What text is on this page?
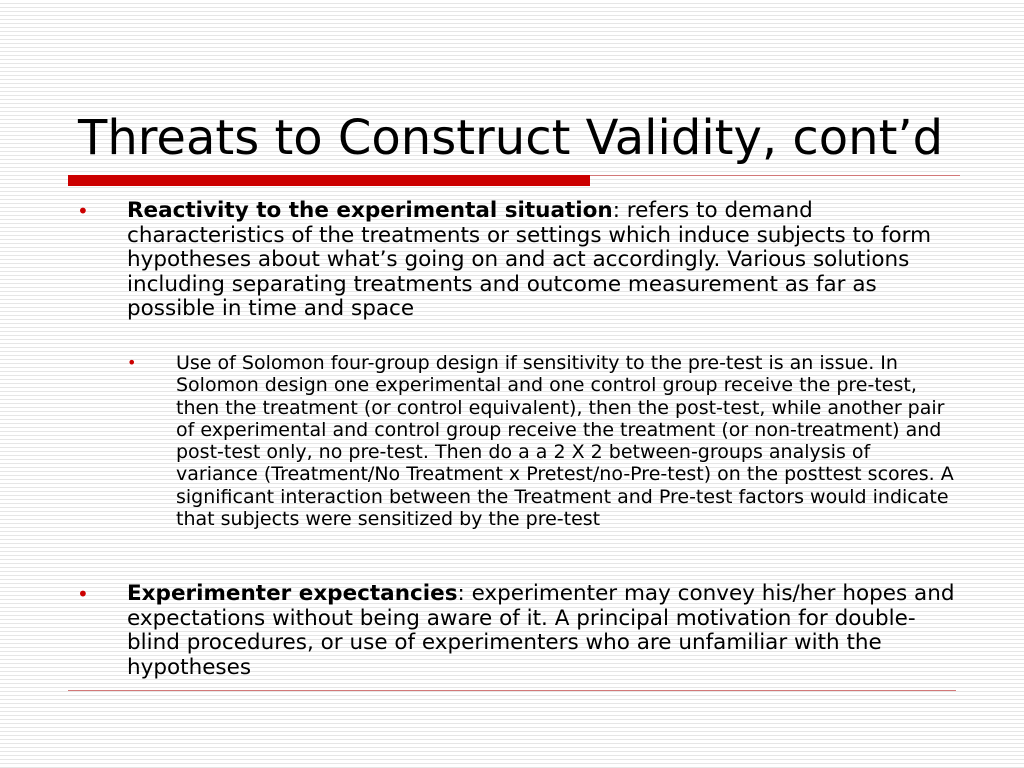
Threats to Construct Validity, cont’d
• Reactivity to the experimental situation: refers to demand characteristics of the treatments or settings which induce subjects to form hypotheses about what’s going on and act accordingly. Various solutions including separating treatments and outcome measurement as far as possible in time and space
• Use of Solomon four-group design if sensitivity to the pre-test is an issue. In Solomon design one experimental and one control group receive the pre-test, then the treatment (or control equivalent), then the post-test, while another pair of experimental and control group receive the treatment (or non-treatment) and post-test only, no pre-test. Then do a a 2 X 2 between-groups analysis of variance (Treatment/No Treatment x Pretest/no-Pre-test) on the posttest scores. A significant interaction between the Treatment and Pre-test factors would indicate that subjects were sensitized by the pre-test
• Experimenter expectancies: experimenter may convey his/her hopes and expectations without being aware of it. A principal motivation for double-blind procedures, or use of experimenters who are unfamiliar with the hypotheses
